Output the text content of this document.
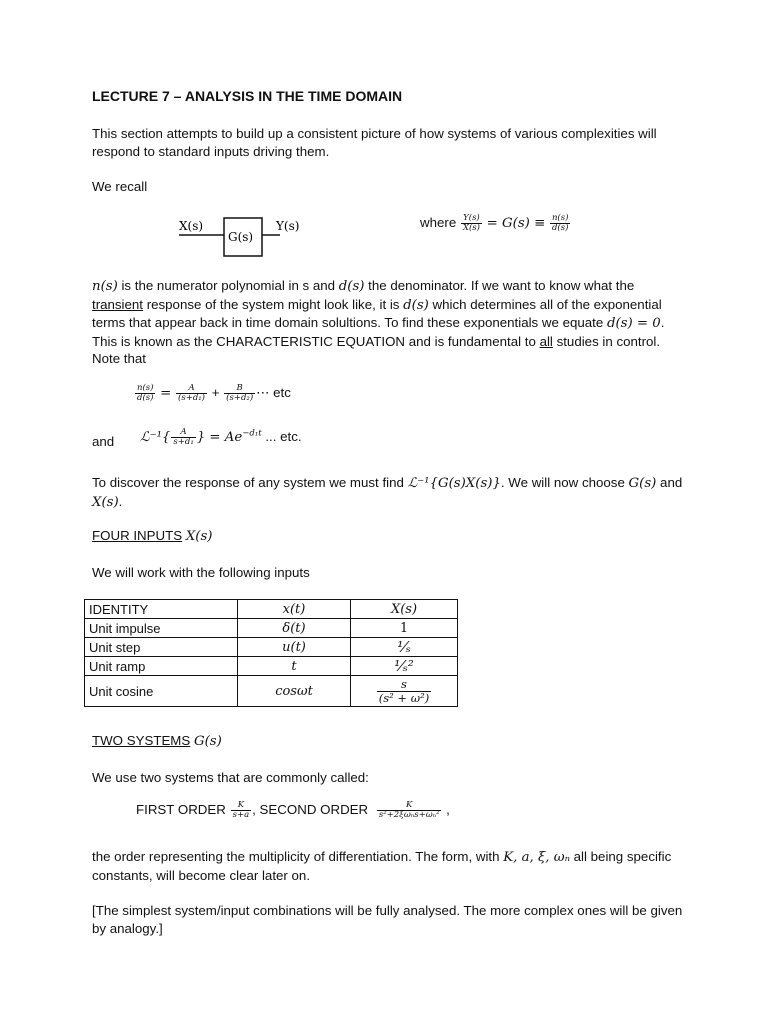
LECTURE 7 – ANALYSIS IN THE TIME DOMAIN

This section attempts to build up a consistent picture of how systems of various complexities will respond to standard inputs driving them.

We recall
X(s)
G(s)
Y(s)	where $\frac{Y(s)}{X(s)} = G(s) \equiv \frac{n(s)}{d(s)}$

n(s) is the numerator polynomial in s and d(s) the denominator. If we want to know what the transient response of the system might look like, it is d(s) which determines all of the exponential terms that appear back in time domain solultions. To find these exponentials we equate d(s) = 0. This is known as the CHARACTERISTIC EQUATION and is fundamental to all studies in control. Note that

$\frac{n(s)}{d(s)} = \frac{A}{\text{(s+d₁)}} + \frac{B}{\text{(s+d₂)}}$ ⋯ etc
and ℒ⁻¹{ $\frac{A}{\text{s+d₁}}$ } = $Ae^{-d_1t}$ ... etc.

To discover the response of any system we must find ℒ⁻¹{G(s)X(s)}. We will now choose G(s) and X(s).

FOUR INPUTS X(s)
We will work with the following inputs
IDENTITY	x(t)	X(s)
Unit impulse	δ(t)	1
Unit step	u(t)	¹⁄ₛ
Unit ramp	t	¹⁄ₛ²
Unit cosine	cosωt	$\frac{s}{\text{(s² + ω²)}}$
TWO SYSTEMS G(s)
We use two systems that are commonly called:
FIRST ORDER $\frac{K}{s+a}$ , SECOND ORDER $\frac{K}{\text{s²+2ξωₙs+ωₙ²}}$ ,

the order representing the multiplicity of differentiation. The form, with K, a, ξ, ωₙ all being specific constants, will become clear later on.

[The simplest system/input combinations will be fully analysed. The more complex ones will be given by analogy.]
